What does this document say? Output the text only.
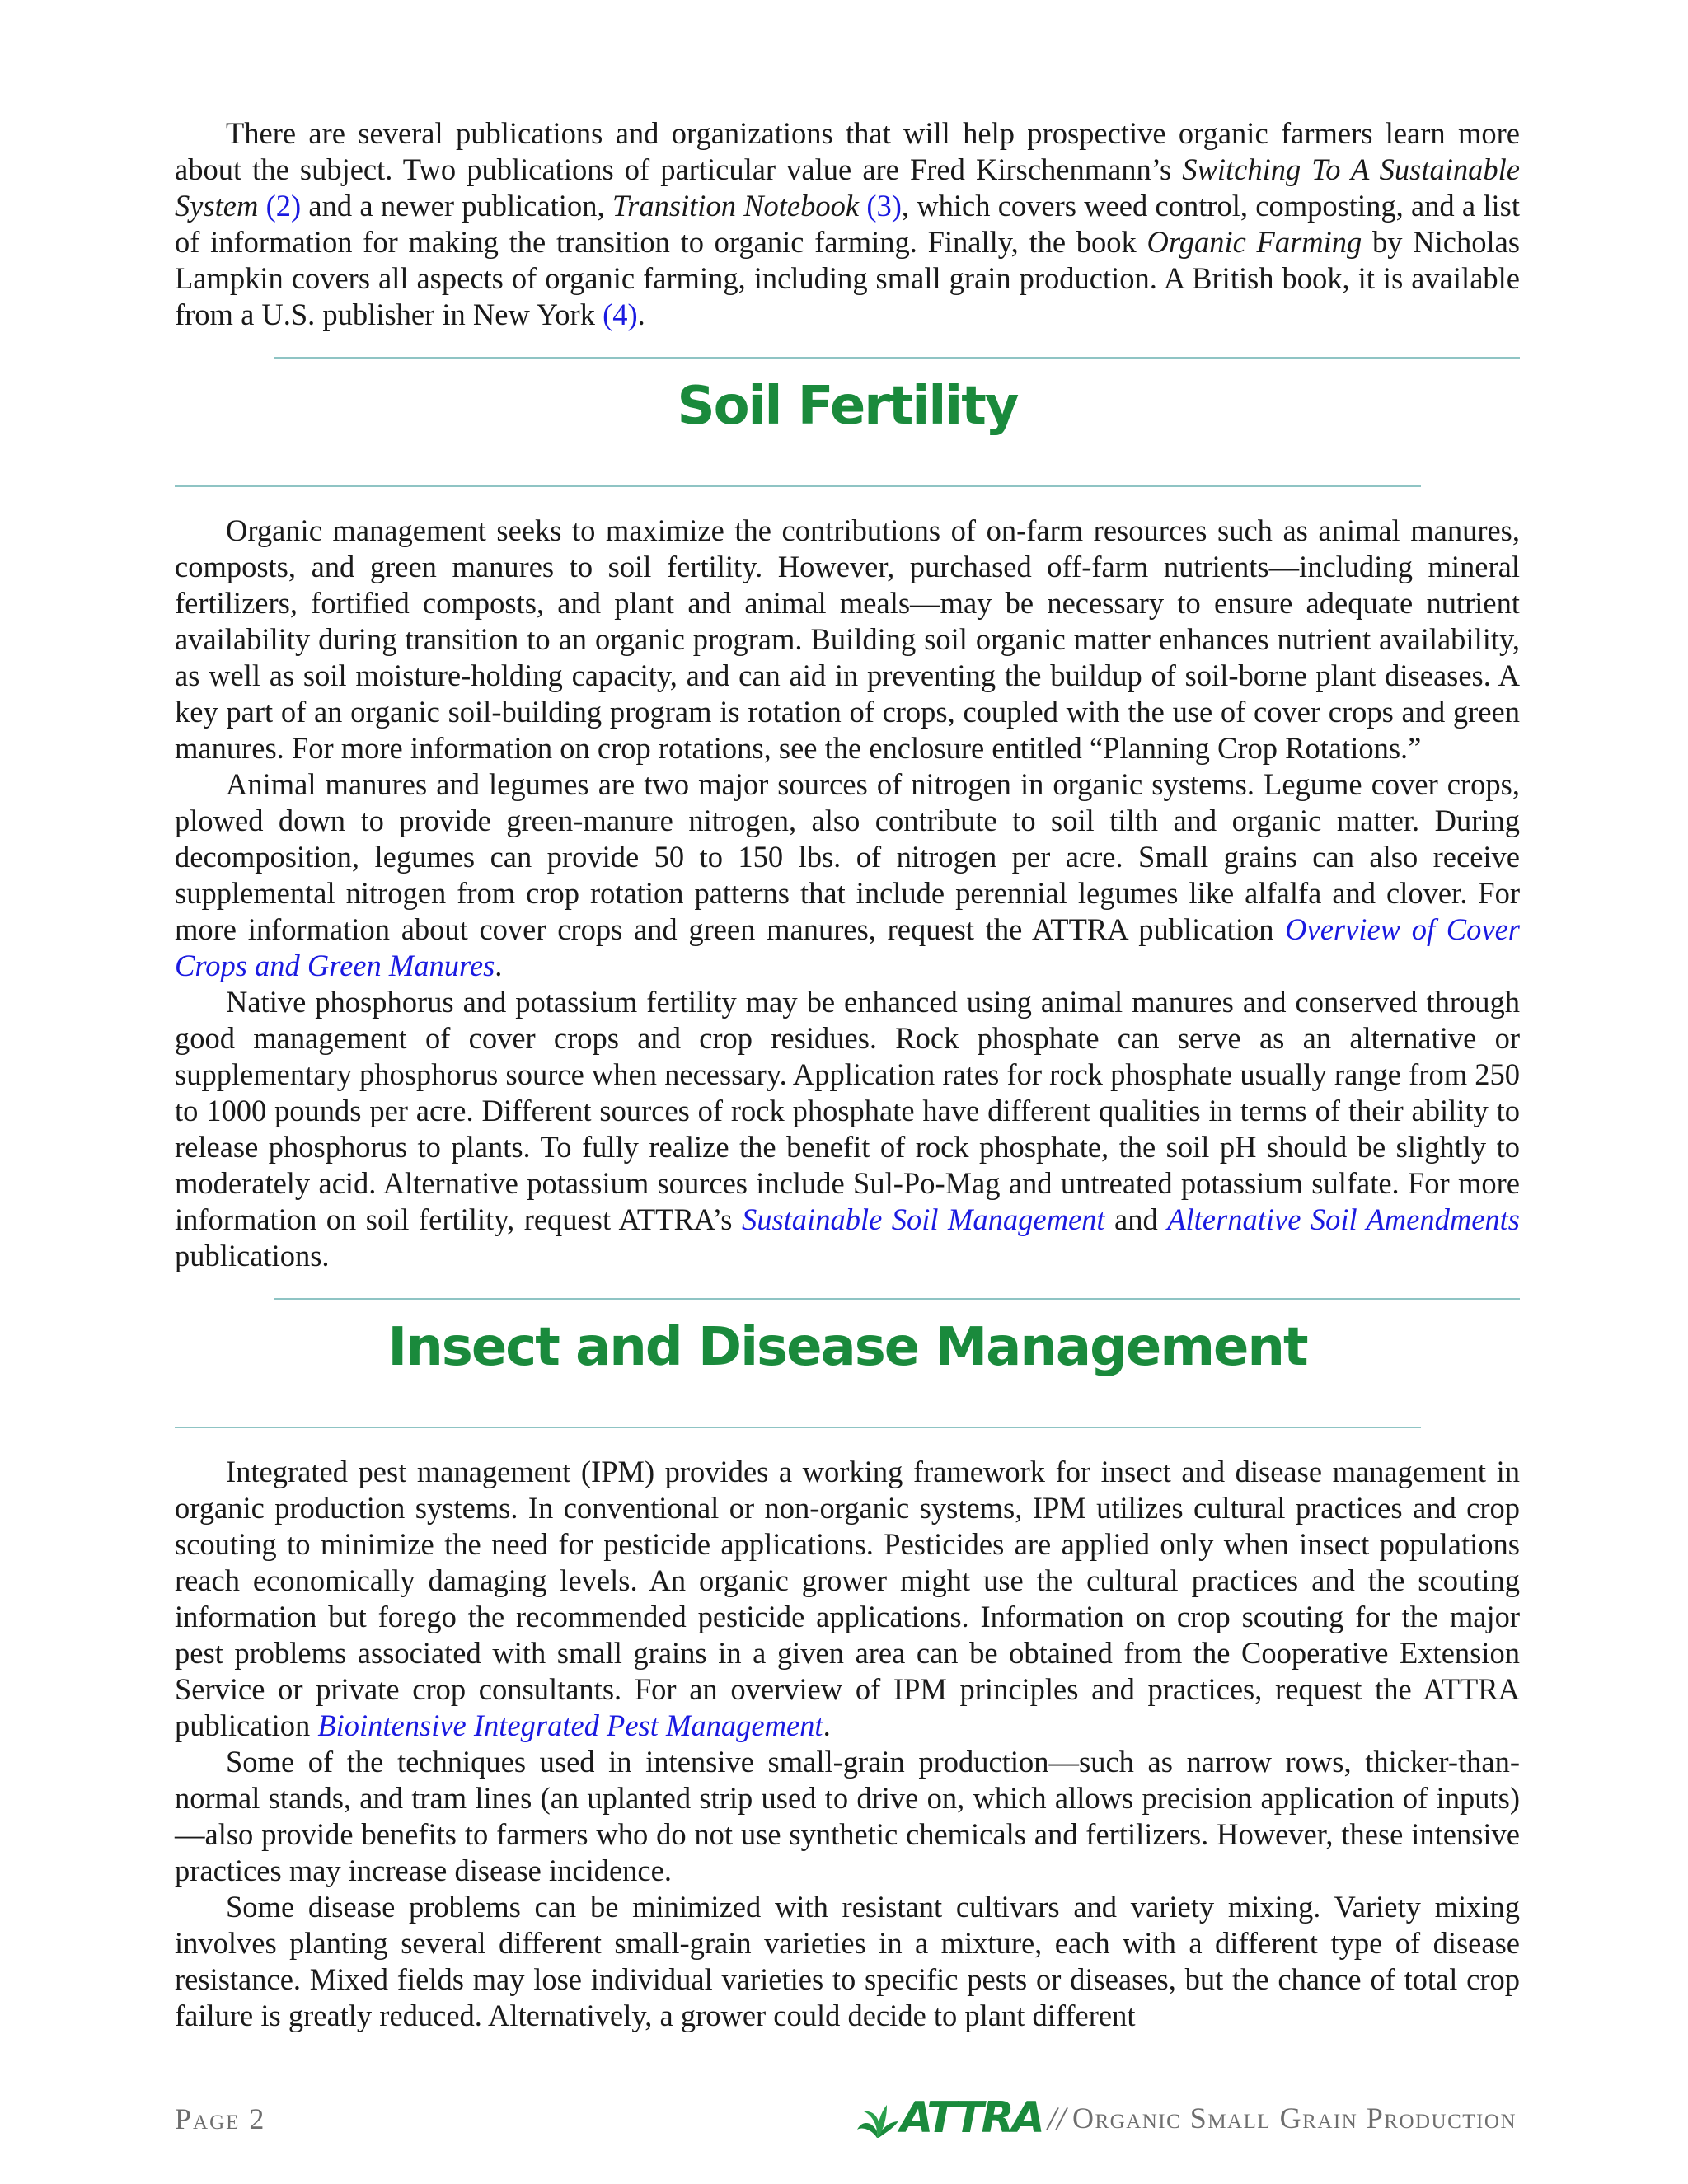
There are several publications and organizations that will help prospective organic farmers learn more about the subject. Two publications of particular value are Fred Kirschenmann’s Switching To A Sustainable System (2) and a newer publication, Transition Notebook (3), which covers weed control, composting, and a list of information for making the transition to organic farming. Finally, the book Organic Farming by Nicholas Lampkin covers all aspects of organic farming, including small grain production. A British book, it is available from a U.S. publisher in New York (4).

Soil Fertility

Organic management seeks to maximize the contributions of on-farm resources such as animal manures, composts, and green manures to soil fertility. However, purchased off-farm nutrients—including mineral fertilizers, fortified composts, and plant and animal meals—may be necessary to ensure adequate nutrient availability during transition to an organic program. Building soil organic matter enhances nutrient availability, as well as soil moisture-holding capacity, and can aid in preventing the buildup of soil-borne plant diseases. A key part of an organic soil-building program is rotation of crops, coupled with the use of cover crops and green manures. For more information on crop rotations, see the enclosure entitled “Planning Crop Rotations.”

Animal manures and legumes are two major sources of nitrogen in organic systems. Legume cover crops, plowed down to provide green-manure nitrogen, also contribute to soil tilth and organic matter. During decomposition, legumes can provide 50 to 150 lbs. of nitrogen per acre. Small grains can also receive supplemental nitrogen from crop rotation patterns that include perennial legumes like alfalfa and clover. For more information about cover crops and green manures, request the ATTRA publication Overview of Cover Crops and Green Manures.

Native phosphorus and potassium fertility may be enhanced using animal manures and conserved through good management of cover crops and crop residues. Rock phosphate can serve as an alternative or supplementary phosphorus source when necessary. Application rates for rock phosphate usually range from 250 to 1000 pounds per acre. Different sources of rock phosphate have different qualities in terms of their ability to release phosphorus to plants. To fully realize the benefit of rock phosphate, the soil pH should be slightly to moderately acid. Alternative potassium sources include Sul-Po-Mag and untreated potassium sulfate. For more information on soil fertility, request ATTRA’s Sustainable Soil Management and Alternative Soil Amendments publications.

Insect and Disease Management

Integrated pest management (IPM) provides a working framework for insect and disease management in organic production systems. In conventional or non-organic systems, IPM utilizes cultural practices and crop scouting to minimize the need for pesticide applications. Pesticides are applied only when insect populations reach economically damaging levels. An organic grower might use the cultural practices and the scouting information but forego the recommended pesticide applications. Information on crop scouting for the major pest problems associated with small grains in a given area can be obtained from the Cooperative Extension Service or private crop consultants. For an overview of IPM principles and practices, request the ATTRA publication Biointensive Integrated Pest Management.

Some of the techniques used in intensive small-grain production—such as narrow rows, thicker-than-normal stands, and tram lines (an uplanted strip used to drive on, which allows precision application of inputs)—also provide benefits to farmers who do not use synthetic chemicals and fertilizers. However, these intensive practices may increase disease incidence.

Some disease problems can be minimized with resistant cultivars and variety mixing. Variety mixing involves planting several different small-grain varieties in a mixture, each with a different type of disease resistance. Mixed fields may lose individual varieties to specific pests or diseases, but the chance of total crop failure is greatly reduced. Alternatively, a grower could decide to plant different

Page 2	ATTRA // Organic Small Grain Production
